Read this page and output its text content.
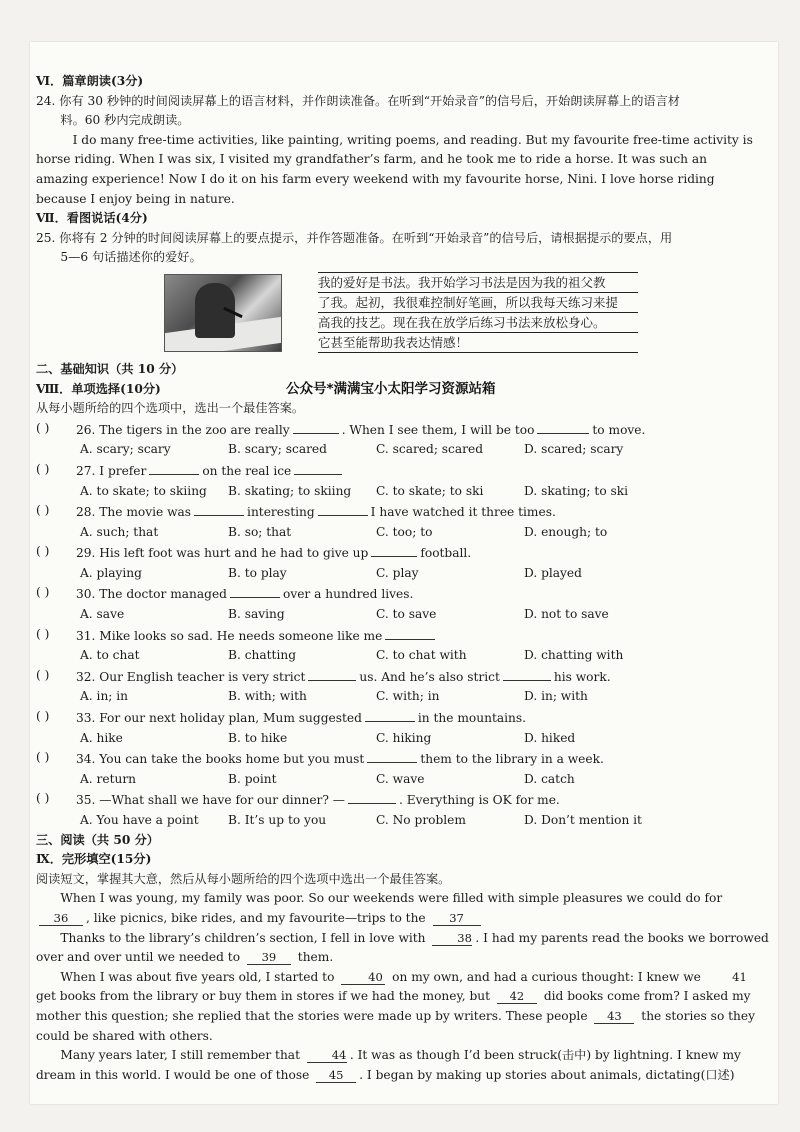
Ⅵ．篇章朗读(3分)
24. 你有 30 秒钟的时间阅读屏幕上的语言材料，并作朗读准备。在听到“开始录音”的信号后，开始朗读屏幕上的语言材
料。60 秒内完成朗读。
I do many free-time activities, like painting, writing poems, and reading. But my favourite free-time activity is
horse riding. When I was six, I visited my grandfather’s farm, and he took me to ride a horse. It was such an
amazing experience! Now I do it on his farm every weekend with my favourite horse, Nini. I love horse riding
because I enjoy being in nature.
Ⅶ．看图说话(4分)
25. 你将有 2 分钟的时间阅读屏幕上的要点提示，并作答题准备。在听到“开始录音”的信号后，请根据提示的要点，用
5—6 句话描述你的爱好。
我的爱好是书法。我开始学习书法是因为我的祖父教
了我。起初，我很难控制好笔画，所以我每天练习来提
高我的技艺。现在我在放学后练习书法来放松身心。
它甚至能帮助我表达情感！
二、基础知识（共 10 分）
Ⅷ．单项选择(10分)	公众号*满满宝小太阳学习资源站箱
从每小题所给的四个选项中，选出一个最佳答案。
( )	26. The tigers in the zoo are really	. When I see them, I will be too	to move.
A. scary; scary	B. scary; scared	C. scared; scared	D. scared; scary
( )	27. I prefer	on the real ice
A. to skate; to skiing	B. skating; to skiing	C. to skate; to ski	D. skating; to ski
( )	28. The movie was	interesting	I have watched it three times.
A. such; that	B. so; that	C. too; to	D. enough; to
( )	29. His left foot was hurt and he had to give up	football.
A. playing	B. to play	C. play	D. played
( )	30. The doctor managed	over a hundred lives.
A. save	B. saving	C. to save	D. not to save
( )	31. Mike looks so sad. He needs someone like me
A. to chat	B. chatting	C. to chat with	D. chatting with
( )	32. Our English teacher is very strict	us. And he’s also strict	his work.
A. in; in	B. with; with	C. with; in	D. in; with
( )	33. For our next holiday plan, Mum suggested	in the mountains.
A. hike	B. to hike	C. hiking	D. hiked
( )	34. You can take the books home but you must	them to the library in a week.
A. return	B. point	C. wave	D. catch
( )	35. —What shall we have for our dinner? —	. Everything is OK for me.
A. You have a point	B. It’s up to you	C. No problem	D. Don’t mention it
三、阅读（共 50 分）
Ⅸ．完形填空(15分)
阅读短文，掌握其大意，然后从每小题所给的四个选项中选出一个最佳答案。
When I was young, my family was poor. So our weekends were filled with simple pleasures we could do for
36 , like picnics, bike rides, and my favourite—trips to the 37
Thanks to the library’s children’s section, I fell in love with	38 . I had my parents read the books we borrowed
over and over until we needed to 39 them.
When I was about five years old, I started to	40 on my own, and had a curious thought: I knew we	41
get books from the library or buy them in stores if we had the money, but 42 did books come from? I asked my
mother this question; she replied that the stories were made up by writers. These people 43 the stories so they
could be shared with others.
Many years later, I still remember that	44 . It was as though I’d been struck(击中) by lightning. I knew my
dream in this world. I would be one of those 45 . I began by making up stories about animals, dictating(口述)
